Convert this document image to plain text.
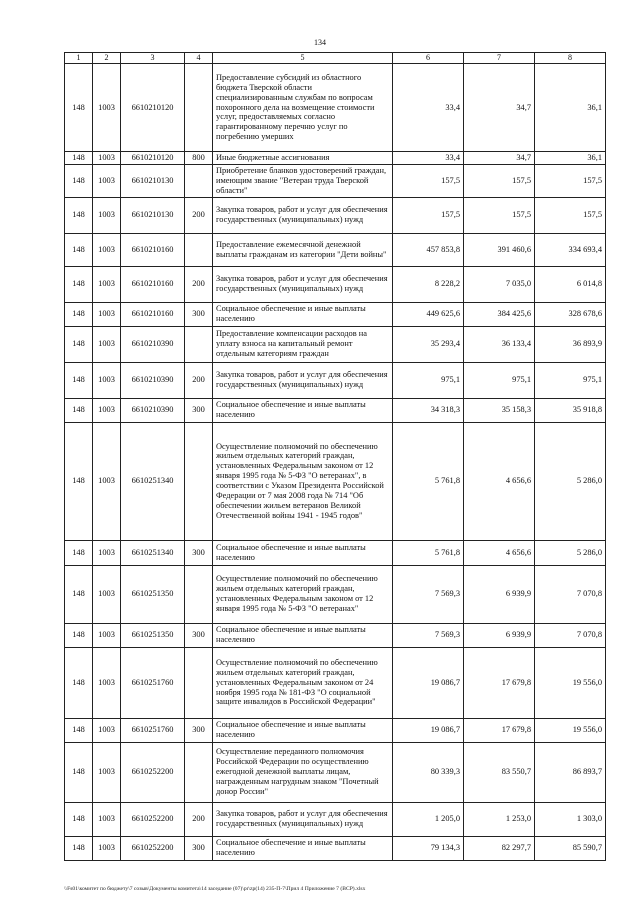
134
1	2	3	4	5	6	7	8
148	1003	6610210120		Предоставление субсидий из областного бюджета Тверской области специализированным службам по вопросам похоронного дела на возмещение стоимости услуг, предоставляемых согласно гарантированному перечню услуг по погребению умерших	33,4	34,7	36,1
148	1003	6610210120	800	Иные бюджетные ассигнования	33,4	34,7	36,1
148	1003	6610210130		Приобретение бланков удостоверений граждан, имеющим звание "Ветеран труда Тверской области"	157,5	157,5	157,5
148	1003	6610210130	200	Закупка товаров, работ и услуг для обеспечения государственных (муниципальных) нужд	157,5	157,5	157,5
148	1003	6610210160		Предоставление ежемесячной денежной выплаты гражданам из категории "Дети войны"	457 853,8	391 460,6	334 693,4
148	1003	6610210160	200	Закупка товаров, работ и услуг для обеспечения государственных (муниципальных) нужд	8 228,2	7 035,0	6 014,8
148	1003	6610210160	300	Социальное обеспечение и иные выплаты населению	449 625,6	384 425,6	328 678,6
148	1003	6610210390		Предоставление компенсации расходов на уплату взноса на капитальный ремонт отдельным категориям граждан	35 293,4	36 133,4	36 893,9
148	1003	6610210390	200	Закупка товаров, работ и услуг для обеспечения государственных (муниципальных) нужд	975,1	975,1	975,1
148	1003	6610210390	300	Социальное обеспечение и иные выплаты населению	34 318,3	35 158,3	35 918,8
148	1003	6610251340		Осуществление полномочий по обеспечению жильем отдельных категорий граждан, установленных Федеральным законом от 12 января 1995 года № 5-ФЗ "О ветеранах", в соответствии с Указом Президента Российской Федерации от 7 мая 2008 года № 714 "Об обеспечении жильем ветеранов Великой Отечественной войны 1941 - 1945 годов"	5 761,8	4 656,6	5 286,0
148	1003	6610251340	300	Социальное обеспечение и иные выплаты населению	5 761,8	4 656,6	5 286,0
148	1003	6610251350		Осуществление полномочий по обеспечению жильем отдельных категорий граждан, установленных Федеральным законом от 12 января 1995 года № 5-ФЗ "О ветеранах"	7 569,3	6 939,9	7 070,8
148	1003	6610251350	300	Социальное обеспечение и иные выплаты населению	7 569,3	6 939,9	7 070,8
148	1003	6610251760		Осуществление полномочий по обеспечению жильем отдельных категорий граждан, установленных Федеральным законом от 24 ноября 1995 года № 181-ФЗ "О социальной защите инвалидов в Российской Федерации"	19 086,7	17 679,8	19 556,0
148	1003	6610251760	300	Социальное обеспечение и иные выплаты населению	19 086,7	17 679,8	19 556,0
148	1003	6610252200		Осуществление переданного полномочия Российской Федерации по осуществлению ежегодной денежной выплаты лицам, награжденным нагрудным знаком "Почетный донор России"	80 339,3	83 550,7	86 893,7
148	1003	6610252200	200	Закупка товаров, работ и услуг для обеспечения государственных (муниципальных) нужд	1 205,0	1 253,0	1 303,0
148	1003	6610252200	300	Социальное обеспечение и иные выплаты населению	79 134,3	82 297,7	85 590,7
\\Fs01\комитет по бюджету\7 созыв\Документы комитета\14 заседание (07)\pr\zp(14) 235-П-7\Прил 4 Приложение 7 (ВСР).xlsx
